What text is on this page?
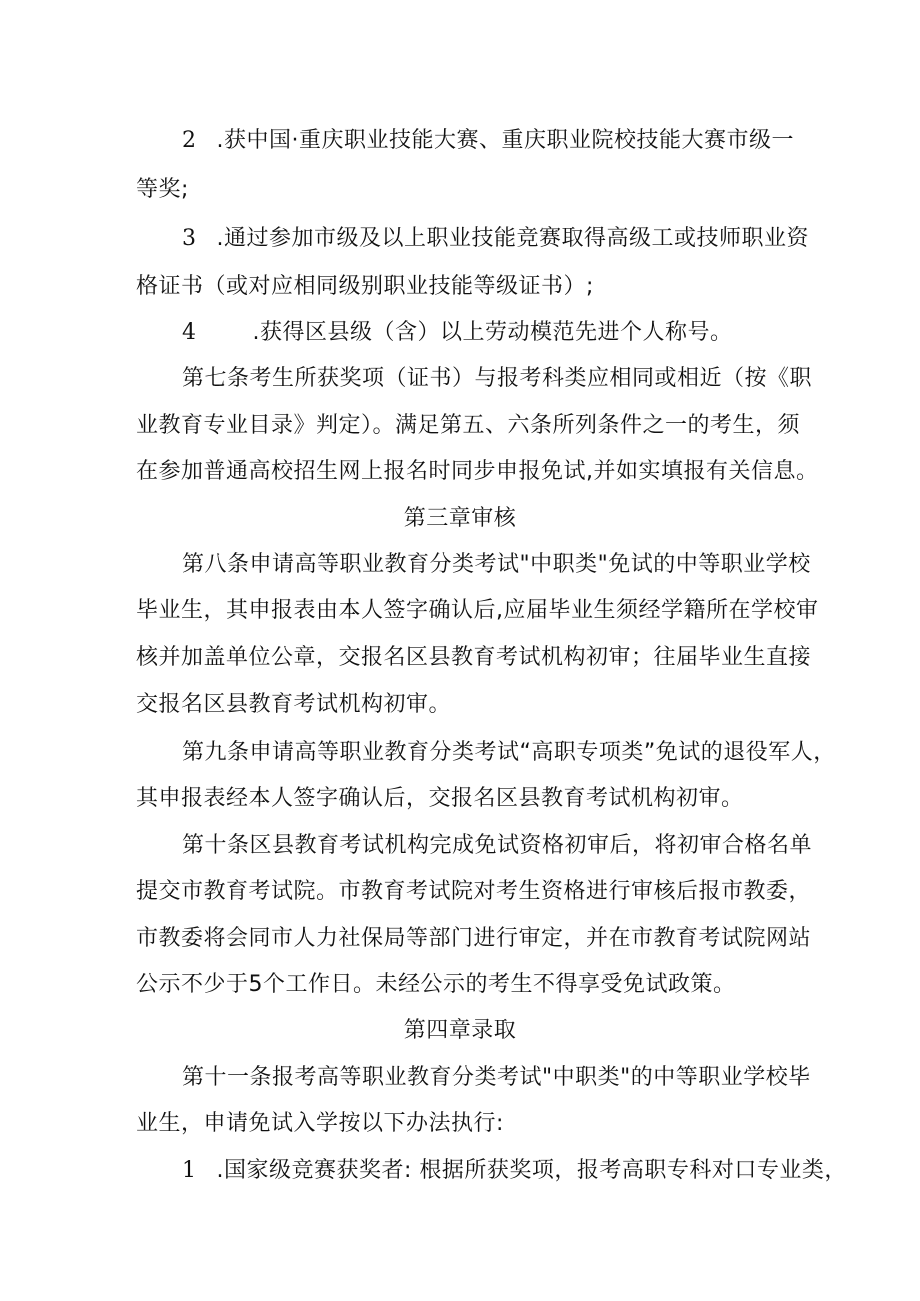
2 .获中国·重庆职业技能大赛、重庆职业院校技能大赛市级一
等奖;
3 .通过参加市级及以上职业技能竞赛取得高级工或技师职业资
格证书（或对应相同级别职业技能等级证书）;
4	.获得区县级（含）以上劳动模范先进个人称号。
第七条考生所获奖项（证书）与报考科类应相同或相近（按《职
业教育专业目录》判定）。满足第五、六条所列条件之一的考生，须
在参加普通高校招生网上报名时同步申报免试,并如实填报有关信息。
第三章审核
第八条申请高等职业教育分类考试"中职类"免试的中等职业学校
毕业生，其申报表由本人签字确认后,应届毕业生须经学籍所在学校审
核并加盖单位公章，交报名区县教育考试机构初审；往届毕业生直接
交报名区县教育考试机构初审。
第九条申请高等职业教育分类考试“高职专项类”免试的退役军人，
其申报表经本人签字确认后，交报名区县教育考试机构初审。
第十条区县教育考试机构完成免试资格初审后，将初审合格名单
提交市教育考试院。市教育考试院对考生资格进行审核后报市教委，
市教委将会同市人力社保局等部门进行审定，并在市教育考试院网站
公示不少于5个工作日。未经公示的考生不得享受免试政策。
第四章录取
第十一条报考高等职业教育分类考试"中职类"的中等职业学校毕
业生，申请免试入学按以下办法执行:
1 .国家级竞赛获奖者: 根据所获奖项，报考高职专科对口专业类，
